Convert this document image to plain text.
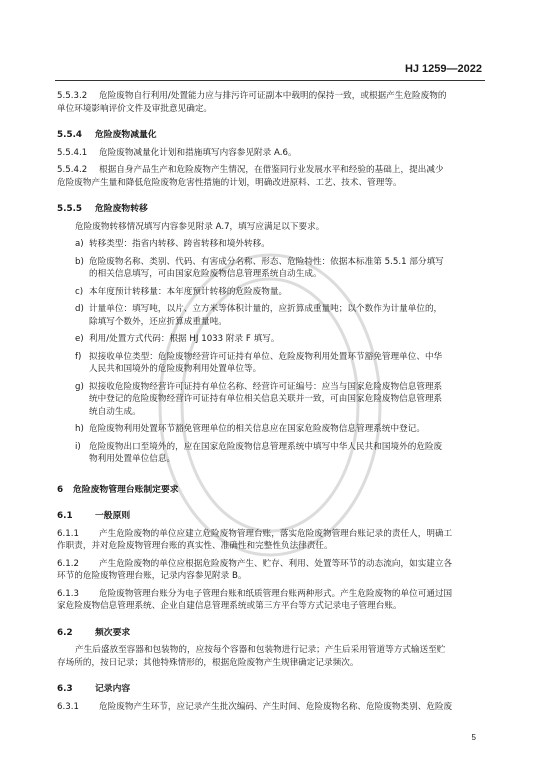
HJ 1259—2022
5.5.3.2 危险废物自行利用/处置能力应与排污许可证副本中载明的保持一致，或根据产生危险废物的
单位环境影响评价文件及审批意见确定。
5.5.4 危险废物减量化
5.5.4.1 危险废物减量化计划和措施填写内容参见附录 A.6。
5.5.4.2 根据自身产品生产和危险废物产生情况，在借鉴同行业发展水平和经验的基础上，提出减少
危险废物产生量和降低危险废物危害性措施的计划，明确改进原料、工艺、技术、管理等。
5.5.5 危险废物转移
危险废物转移情况填写内容参见附录 A.7，填写应满足以下要求。
a) 转移类型：指省内转移、跨省转移和境外转移。
b) 危险废物名称、类别、代码、有害成分名称、形态、危险特性：依据本标准第 5.5.1 部分填写
的相关信息填写，可由国家危险废物信息管理系统自动生成。
c) 本年度预计转移量：本年度预计转移的危险废物量。
d) 计量单位：填写吨，以片、立方米等体积计量的，应折算成重量吨；以个数作为计量单位的，
除填写个数外，还应折算成重量吨。
e) 利用/处置方式代码：根据 HJ 1033 附录 F 填写。
f) 拟接收单位类型：危险废物经营许可证持有单位、危险废物利用处置环节豁免管理单位、中华
人民共和国境外的危险废物利用处置单位等。
g) 拟接收危险废物经营许可证持有单位名称、经营许可证编号：应当与国家危险废物信息管理系
统中登记的危险废物经营许可证持有单位相关信息关联并一致，可由国家危险废物信息管理系
统自动生成。
h) 危险废物利用处置环节豁免管理单位的相关信息应在国家危险废物信息管理系统中登记。
i) 危险废物出口至境外的，应在国家危险废物信息管理系统中填写中华人民共和国境外的危险废
物利用处置单位信息。
6 危险废物管理台账制定要求
6.1	一般原则
6.1.1 产生危险废物的单位应建立危险废物管理台账，落实危险废物管理台账记录的责任人，明确工
作职责，并对危险废物管理台账的真实性、准确性和完整性负法律责任。
6.1.2 产生危险废物的单位应根据危险废物产生、贮存、利用、处置等环节的动态流向，如实建立各
环节的危险废物管理台账，记录内容参见附录 B。
6.1.3 危险废物管理台账分为电子管理台账和纸质管理台账两种形式。产生危险废物的单位可通过国
家危险废物信息管理系统、企业自建信息管理系统或第三方平台等方式记录电子管理台账。
6.2	频次要求
产生后盛放至容器和包装物的，应按每个容器和包装物进行记录；产生后采用管道等方式输送至贮
存场所的，按日记录；其他特殊情形的，根据危险废物产生规律确定记录频次。
6.3	记录内容
6.3.1 危险废物产生环节，应记录产生批次编码、产生时间、危险废物名称、危险废物类别、危险废
5
